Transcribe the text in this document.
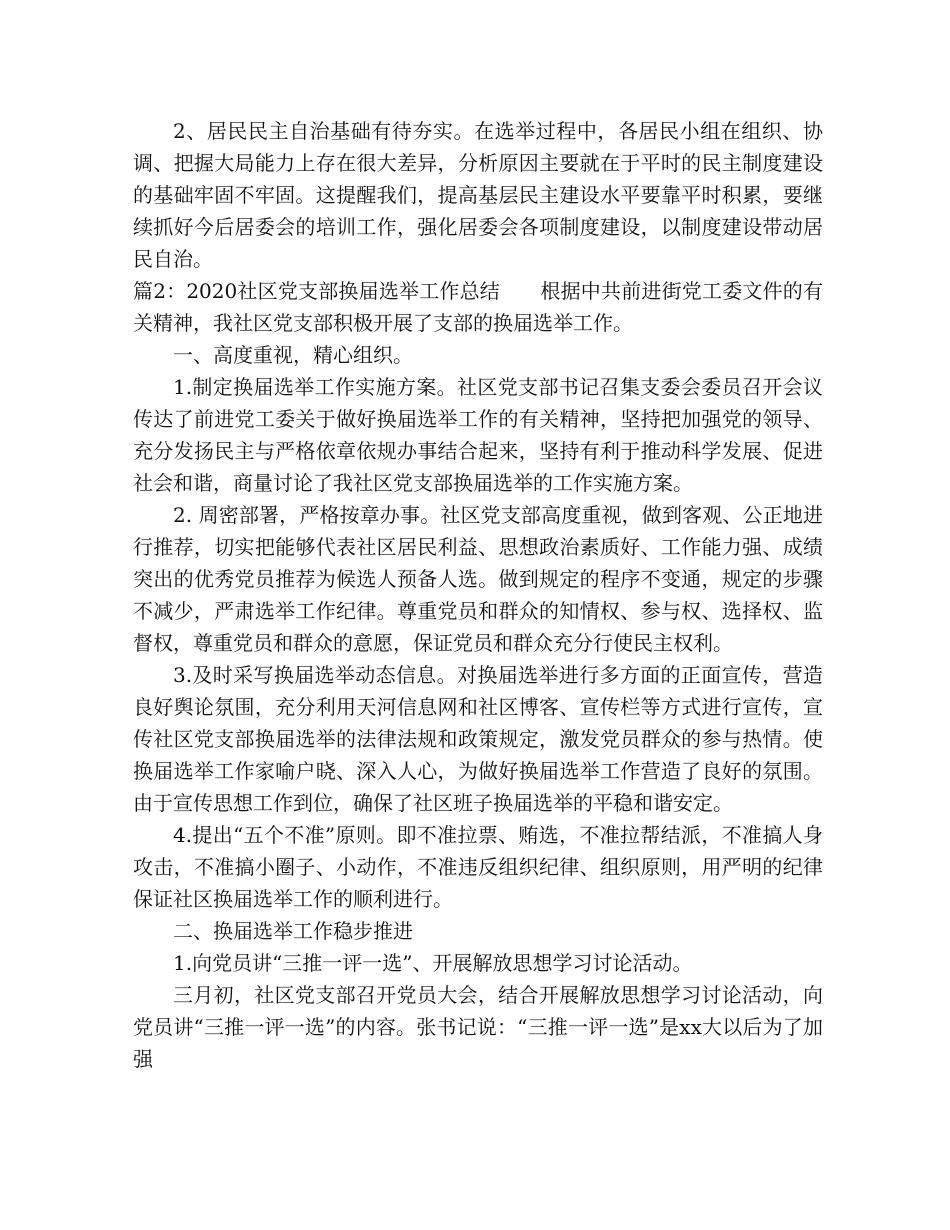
2、居民民主自治基础有待夯实。在选举过程中，各居民小组在组织、协调、把握大局能力上存在很大差异，分析原因主要就在于平时的民主制度建设的基础牢固不牢固。这提醒我们，提高基层民主建设水平要靠平时积累，要继续抓好今后居委会的培训工作，强化居委会各项制度建设，以制度建设带动居民自治。

篇2：2020社区党支部换届选举工作总结　　根据中共前进街党工委文件的有关精神，我社区党支部积极开展了支部的换届选举工作。

一、高度重视，精心组织。

1.制定换届选举工作实施方案。社区党支部书记召集支委会委员召开会议传达了前进党工委关于做好换届选举工作的有关精神，坚持把加强党的领导、充分发扬民主与严格依章依规办事结合起来，坚持有利于推动科学发展、促进社会和谐，商量讨论了我社区党支部换届选举的工作实施方案。

2. 周密部署，严格按章办事。社区党支部高度重视，做到客观、公正地进行推荐，切实把能够代表社区居民利益、思想政治素质好、工作能力强、成绩突出的优秀党员推荐为候选人预备人选。做到规定的程序不变通，规定的步骤不减少，严肃选举工作纪律。尊重党员和群众的知情权、参与权、选择权、监督权，尊重党员和群众的意愿，保证党员和群众充分行使民主权利。

3.及时采写换届选举动态信息。对换届选举进行多方面的正面宣传，营造良好舆论氛围，充分利用天河信息网和社区博客、宣传栏等方式进行宣传，宣传社区党支部换届选举的法律法规和政策规定，激发党员群众的参与热情。使换届选举工作家喻户晓、深入人心，为做好换届选举工作营造了良好的氛围。由于宣传思想工作到位，确保了社区班子换届选举的平稳和谐安定。

4.提出“五个不准”原则。即不准拉票、贿选，不准拉帮结派，不准搞人身攻击，不准搞小圈子、小动作，不准违反组织纪律、组织原则，用严明的纪律保证社区换届选举工作的顺利进行。

二、换届选举工作稳步推进

1.向党员讲“三推一评一选”、开展解放思想学习讨论活动。

三月初，社区党支部召开党员大会，结合开展解放思想学习讨论活动，向党员讲“三推一评一选”的内容。张书记说：“三推一评一选”是xx大以后为了加强
